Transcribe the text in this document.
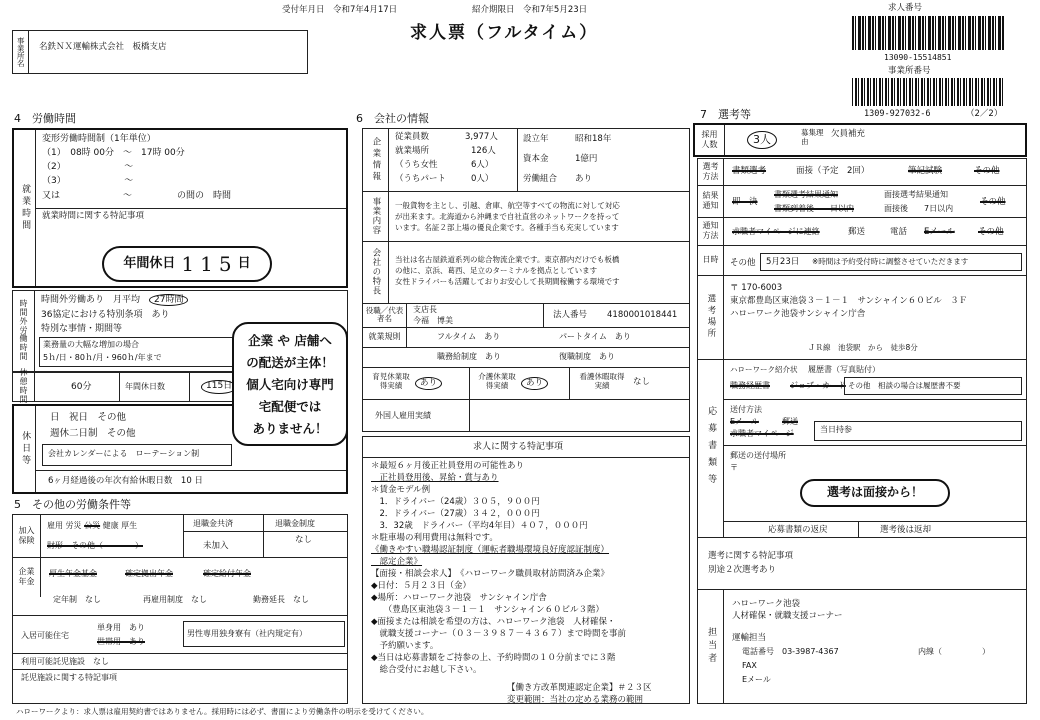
受付年月日　令和7年4月17日	紹介期限日　令和7年5月23日
求人票（フルタイム）
事業所名	名鉄ＮＸ運輸株式会社　板橋支店
求人番号
13090-15514851
事業所番号
1309-927032-6	（2／2）
4　労働時間
就業時間
変形労働時間制（1年単位）
（1）　08時 00分　～　17時 00分
（2）　　　　　　　～
（3）　　　　　　　～
又は　　　　　　　～　　　　　の間の　時間
就業時間に関する特記事項
年間休日 115 日
時間外労働時間
時間外労働あり　月平均　 27時間
36協定における特別条項　あり
特別な事情・期間等
業務量の大幅な増加の場合
5ｈ/日・80ｈ/月・960ｈ/年まで
休憩時間
60分	年間休日数	115日
休日等
日　祝日　その他
週休二日制　その他
会社カレンダーによる　ローテーション制
6ヶ月経過後の年次有給休暇日数　10 日
企業 や 店舗へ
の配送が主体！
個人宅向け専門
宅配便では
ありません！
5　その他の労働条件等
加入保険
雇用 労災 公災 健康 厚生
財形　 その他（　　　　）
退職金共済
未加入
退職金制度
なし
企業年金
厚生年金基金	確定拠出年金	確定給付年金
定年制　 なし	再雇用制度　 なし	勤務延長　 なし
入居可能住宅
単身用　 あり
世帯用　 あり
男性専用独身寮有（社内規定有）
利用可能託児施設　 なし
託児施設に関する特記事項
6　会社の情報
企業情報	従業員数	3,977人
就業場所	126人
（うち女性	6人）
（うちパート	0人）
設立年	昭和18年
資本金	1億円
労働組合 あり
事業内容	一般貨物を主とし、引越、倉庫、航空等すべての物流に対して対応
が出来ます。北海道から沖縄まで自社直営のネットワークを持って
います。名証２部上場の優良企業です。各種手当も充実しています
会社の特長	当社は名古屋鉄道系列の総合物流企業です。東京都内だけでも板橋
の他に、京浜、葛西、足立のターミナルを拠点としています
女性ドライバーも活躍しておりお安心して長期間稼働する環境です
役職／代表者名
支店長
今福　博美
法人番号 4180001018441
就業規則	フルタイム　あり	パートタイム　あり
職務給制度　あり	復職制度　あり
育児休業取得実績	あり
介護休業取得実績	あり
看護休暇取得実績	なし
外国人雇用実績
求人に関する特記事項
＊最短６ヶ月後正社員登用の可能性あり
　正社員登用後、昇給・賞与あり
＊賃金モデル例
　1．ドライバー（24歳）３０５，９００円
　2．ドライバー（27歳）３４２，０００円
　3．32歳　ドライバー（平均4年目）４０７，０００円
＊駐車場の利用費用は無料です。
《働きやすい職場認証制度（運転者職場環境良好度認証制度）
　認定企業》
【面接・相談会求人】　《ハローワーク職員取材訪問済み企業》
◆日付：５月２３日（金）
◆場所：ハローワーク池袋　サンシャイン庁舎
　　（豊島区東池袋３－１－１　サンシャイン６０ビル３階）
◆面接または相談を希望の方は、ハローワーク池袋　人材確保・
　就職支援コーナー（０３－３９８７－４３６７）まで時間を事前
　予約願います。
◆当日は応募書類をご持参の上、予約時間の１０分前までに３階
　総合受付にお越し下さい。
【働き方改革関連認定企業】＃２３区
変更範囲：当社の定める業務の範囲
7　選考等
採用人数	3人
募集理由
欠員補充
選考方法
書類選考	面接（予定　2回）	筆記試験	その他
結果通知	即　決
書類選考結果通知
書類到着後　　日以内
面接選考結果通知
面接後　　7日以内
その他
通知方法	求職者マイページに連絡	郵送	電話 Eメール	その他
日時	その他 5月23日 ※時間は予約受付時に調整させていただきます
選考場所
〒 170-6003
東京都豊島区東池袋３－１－１　サンシャイン６０ビル　３Ｆ
ハローワーク池袋サンシャイン庁舎
ＪＲ線　池袋駅　から　徒歩8分
応募書類等
ハローワーク紹介状 履歴書（写真貼付）
職務経歴書	ジョブ・カード その他　相談の場合は履歴書不要
送付方法
Eメール	郵送
求職者マイページ	当日持参
郵送の送付場所
〒
選考は面接から！
応募書類の返戻	選考後は返却
選考に関する特記事項
別途２次選考あり
担当者
ハローワーク池袋
人材確保・就職支援コーナー
運輸担当
電話番号　03-3987-4367	内線（　　　　　）
FAX
Eメール
ハローワークより：求人票は雇用契約書ではありません。採用時には必ず、書面により労働条件の明示を受けてください。
